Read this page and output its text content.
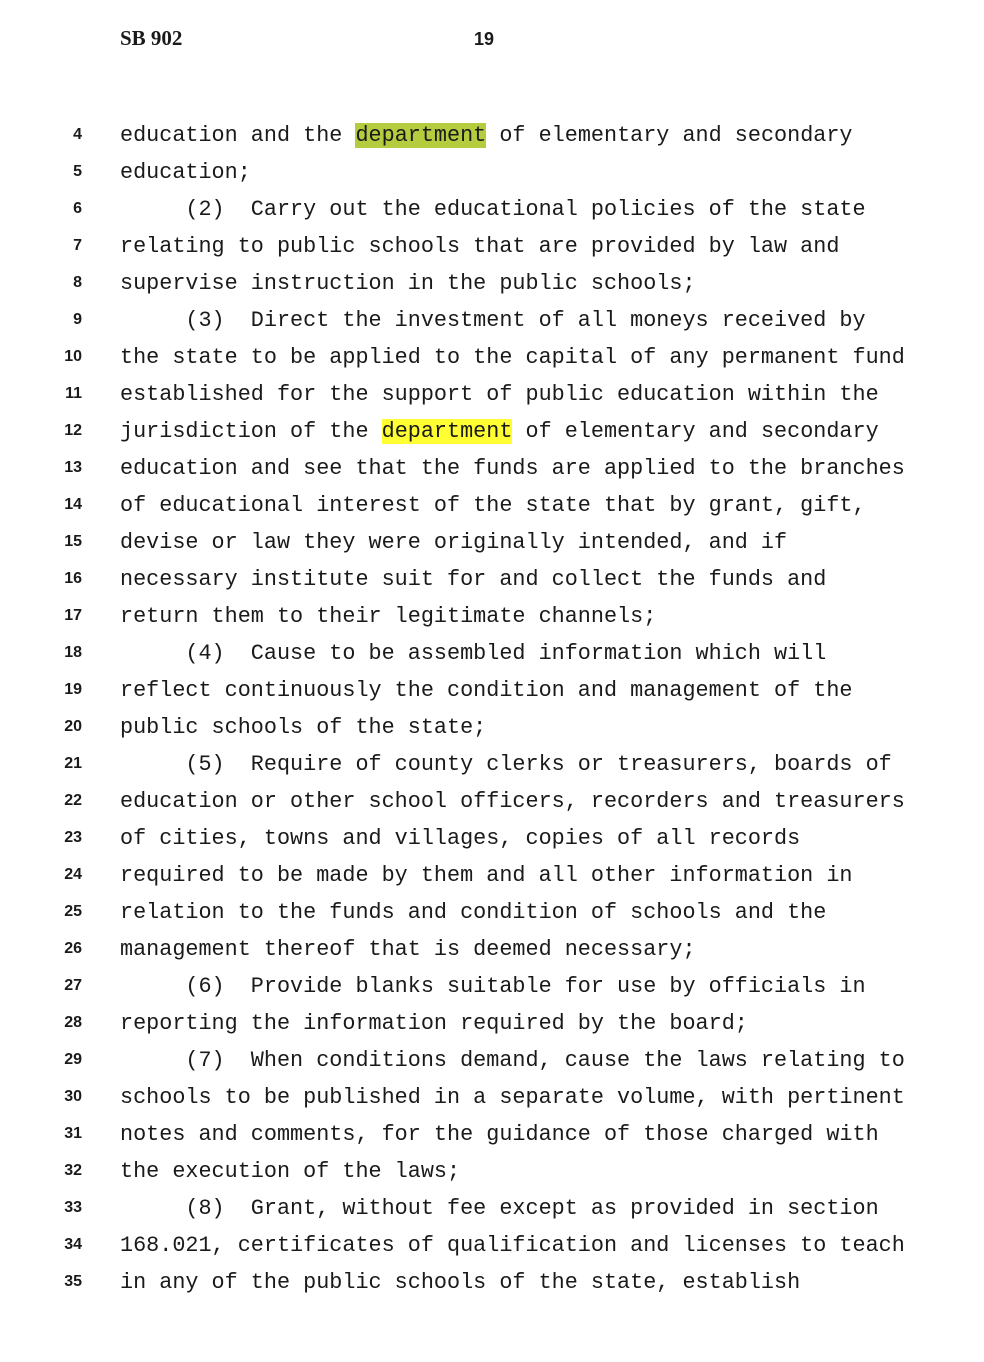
SB 902	19
4 education and the department of elementary and secondary
5 education;
6 (2)  Carry out the educational policies of the state
7 relating to public schools that are provided by law and
8 supervise instruction in the public schools;
9 (3)  Direct the investment of all moneys received by
10 the state to be applied to the capital of any permanent fund
11 established for the support of public education within the
12 jurisdiction of the department of elementary and secondary
13 education and see that the funds are applied to the branches
14 of educational interest of the state that by grant, gift,
15 devise or law they were originally intended, and if
16 necessary institute suit for and collect the funds and
17 return them to their legitimate channels;
18 (4)  Cause to be assembled information which will
19 reflect continuously the condition and management of the
20 public schools of the state;
21 (5)  Require of county clerks or treasurers, boards of
22 education or other school officers, recorders and treasurers
23 of cities, towns and villages, copies of all records
24 required to be made by them and all other information in
25 relation to the funds and condition of schools and the
26 management thereof that is deemed necessary;
27 (6)  Provide blanks suitable for use by officials in
28 reporting the information required by the board;
29 (7)  When conditions demand, cause the laws relating to
30 schools to be published in a separate volume, with pertinent
31 notes and comments, for the guidance of those charged with
32 the execution of the laws;
33 (8)  Grant, without fee except as provided in section
34 168.021, certificates of qualification and licenses to teach
35 in any of the public schools of the state, establish
